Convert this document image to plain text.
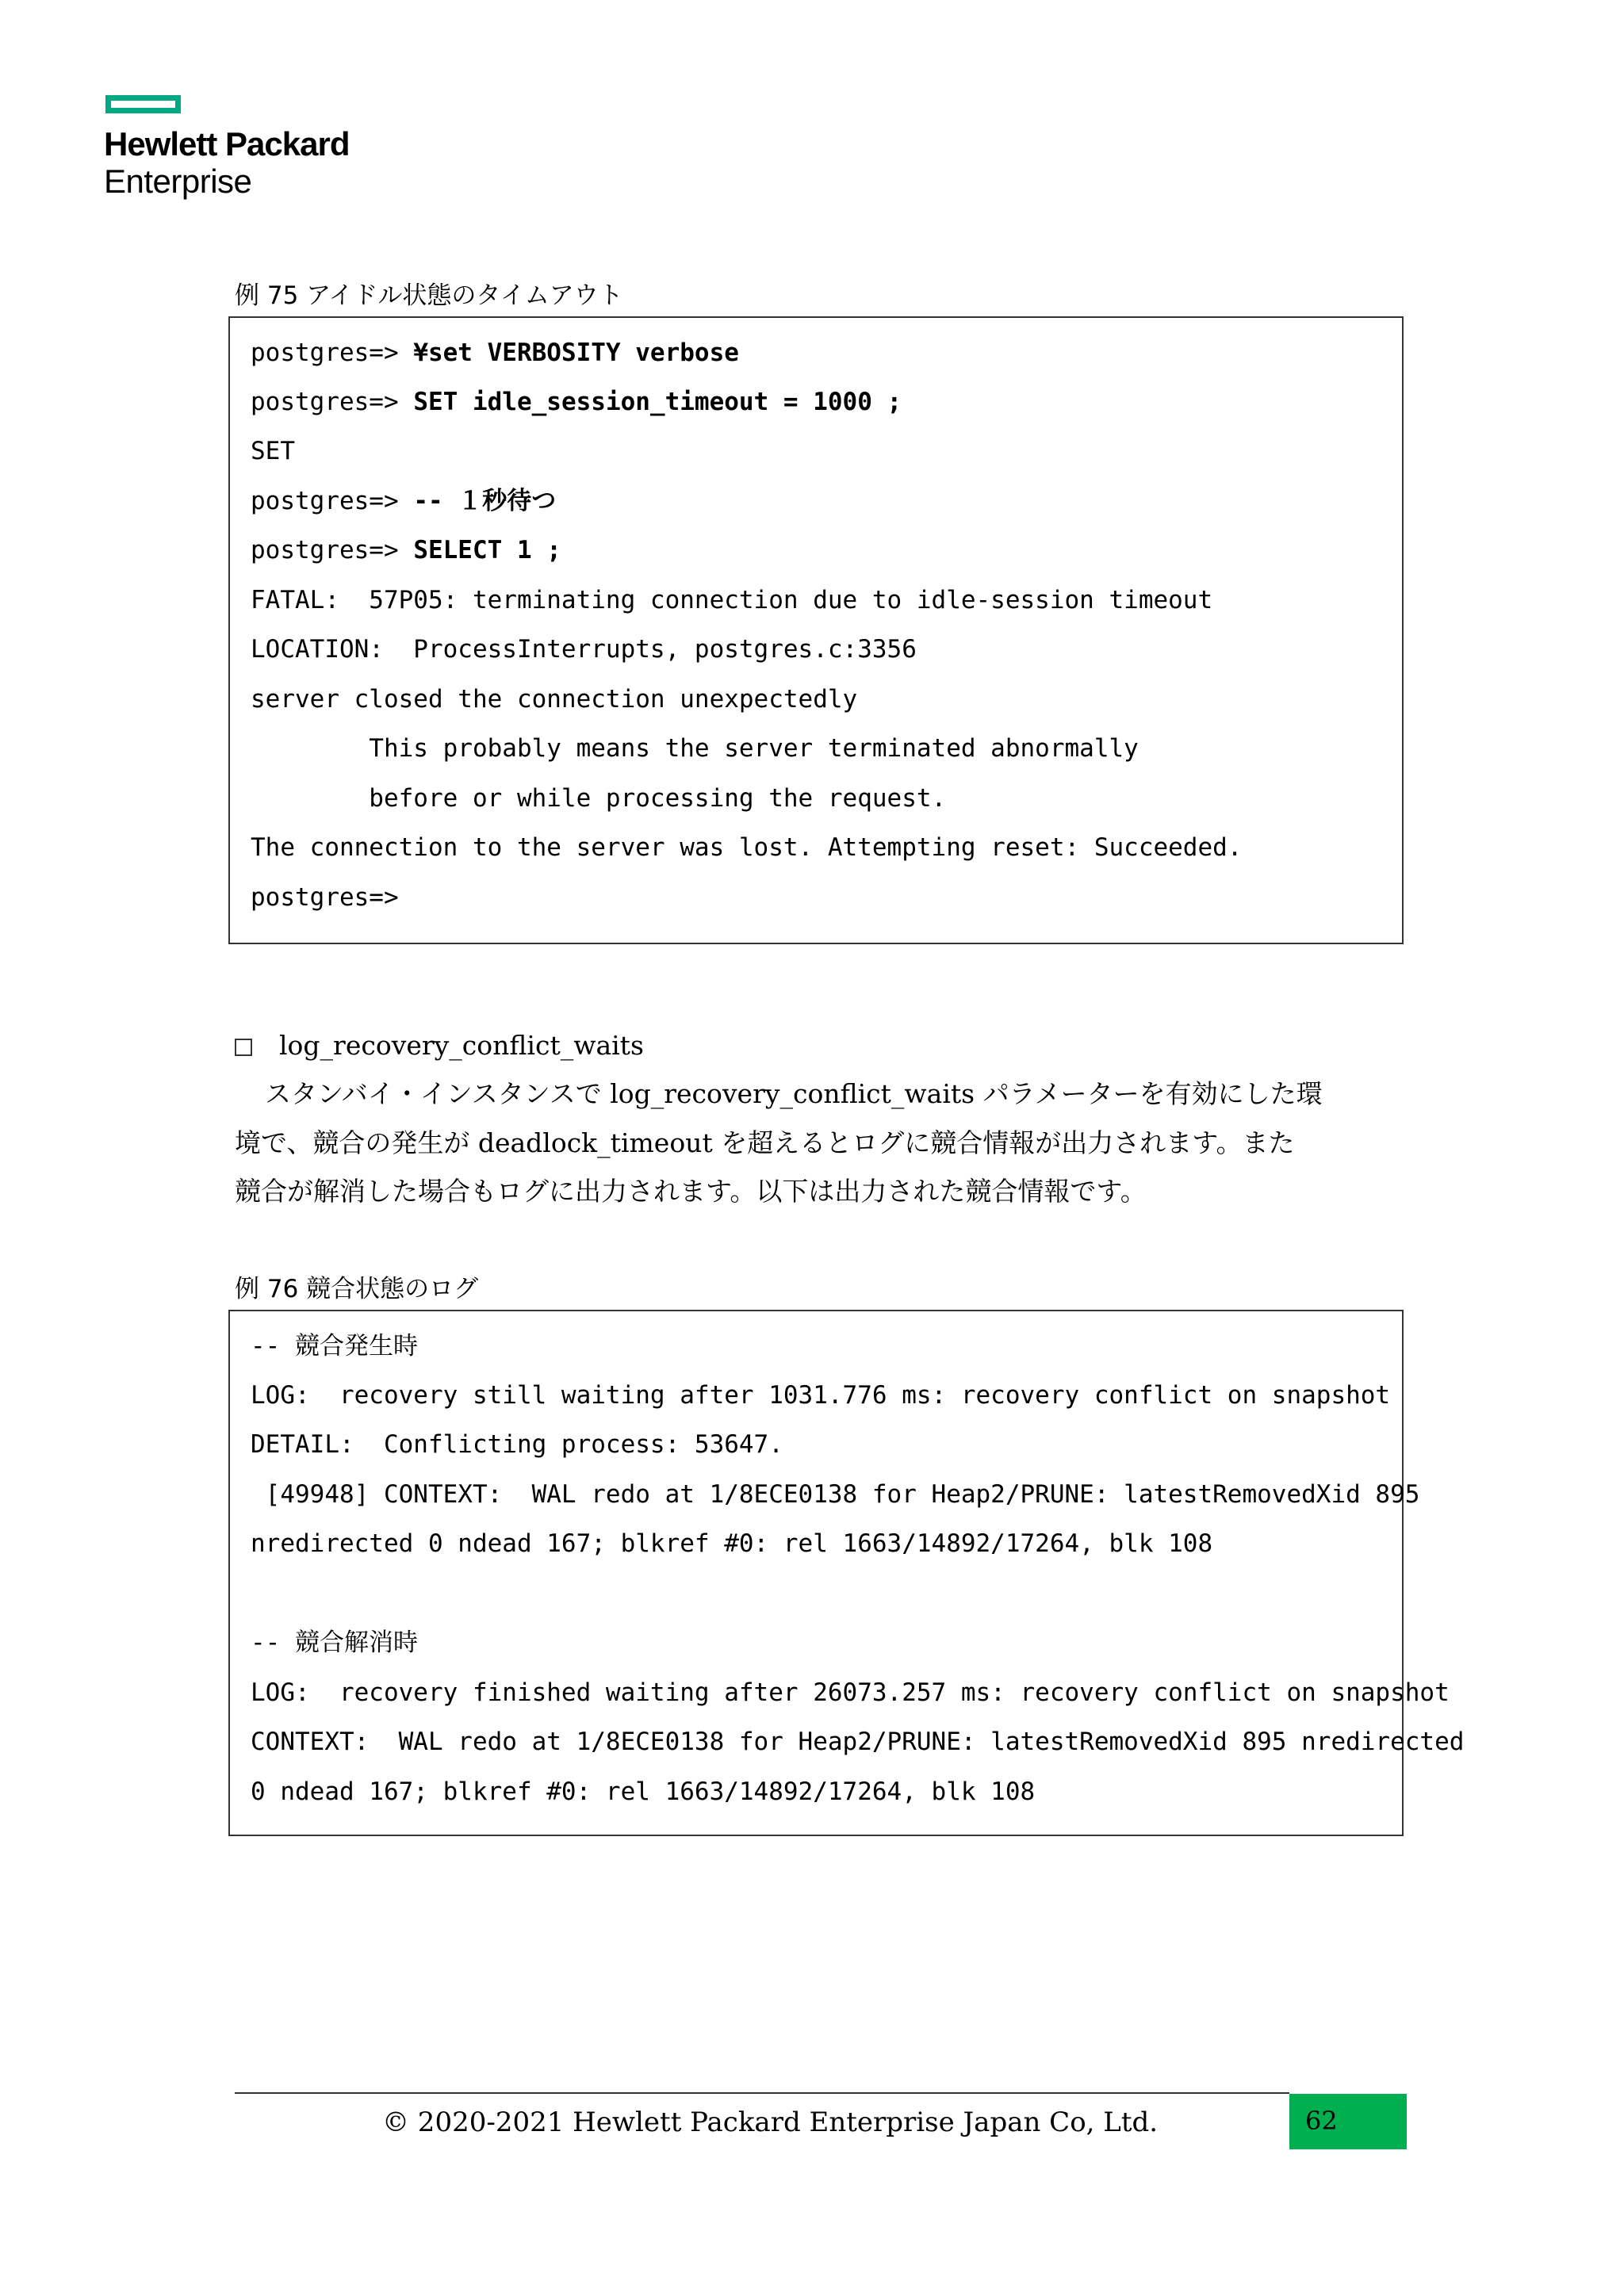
Hewlett Packard
Enterprise
例 75 アイドル状態のタイムアウト
postgres=> ¥set VERBOSITY verbose
postgres=> SET idle_session_timeout = 1000 ;
SET
postgres=> -- １秒待つ
postgres=> SELECT 1 ;
FATAL:  57P05: terminating connection due to idle-session timeout
LOCATION:  ProcessInterrupts, postgres.c:3356
server closed the connection unexpectedly
This probably means the server terminated abnormally
before or while processing the request.
The connection to the server was lost. Attempting reset: Succeeded.
postgres=>
log_recovery_conflict_waits
スタンバイ・インスタンスで log_recovery_conflict_waits パラメーターを有効にした環
境で、競合の発生が deadlock_timeout を超えるとログに競合情報が出力されます。また
競合が解消した場合もログに出力されます。以下は出力された競合情報です。
例 76 競合状態のログ
-- 競合発生時
LOG:  recovery still waiting after 1031.776 ms: recovery conflict on snapshot
DETAIL:  Conflicting process: 53647.
[49948] CONTEXT:  WAL redo at 1/8ECE0138 for Heap2/PRUNE: latestRemovedXid 895
nredirected 0 ndead 167; blkref #0: rel 1663/14892/17264, blk 108
-- 競合解消時
LOG:  recovery finished waiting after 26073.257 ms: recovery conflict on snapshot
CONTEXT:  WAL redo at 1/8ECE0138 for Heap2/PRUNE: latestRemovedXid 895 nredirected
0 ndead 167; blkref #0: rel 1663/14892/17264, blk 108
© 2020-2021 Hewlett Packard Enterprise Japan Co, Ltd.	62
